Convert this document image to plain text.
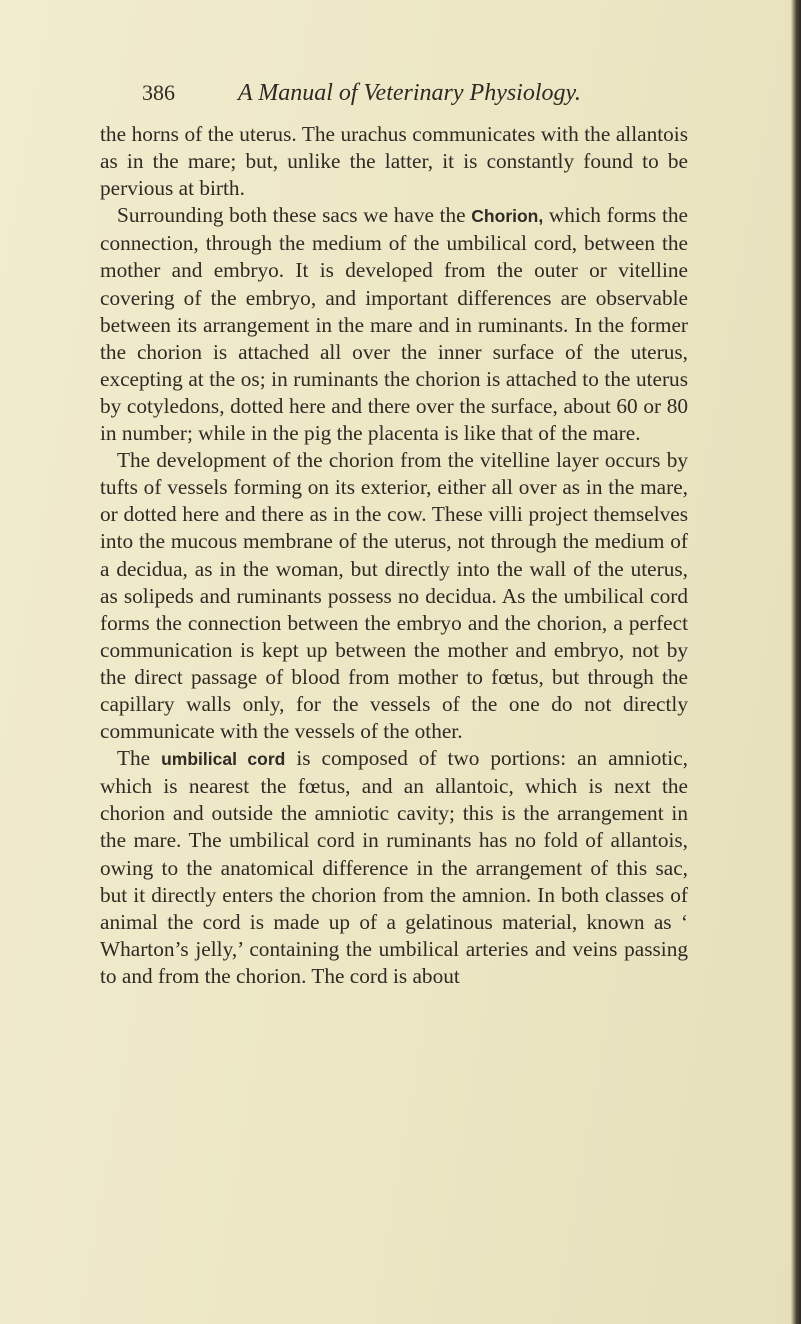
386	A Manual of Veterinary Physiology.

the horns of the uterus. The urachus communicates with the allantois as in the mare; but, unlike the latter, it is constantly found to be pervious at birth.

Surrounding both these sacs we have the Chorion, which forms the connection, through the medium of the umbilical cord, between the mother and embryo. It is developed from the outer or vitelline covering of the embryo, and important differences are observable between its arrangement in the mare and in ruminants. In the former the chorion is attached all over the inner surface of the uterus, excepting at the os; in ruminants the chorion is attached to the uterus by cotyledons, dotted here and there over the surface, about 60 or 80 in number; while in the pig the placenta is like that of the mare.

The development of the chorion from the vitelline layer occurs by tufts of vessels forming on its exterior, either all over as in the mare, or dotted here and there as in the cow. These villi project themselves into the mucous membrane of the uterus, not through the medium of a decidua, as in the woman, but directly into the wall of the uterus, as solipeds and ruminants possess no decidua. As the umbilical cord forms the connection between the embryo and the chorion, a perfect communication is kept up between the mother and embryo, not by the direct passage of blood from mother to fœtus, but through the capillary walls only, for the vessels of the one do not directly communicate with the vessels of the other.

The umbilical cord is composed of two portions: an amniotic, which is nearest the fœtus, and an allantoic, which is next the chorion and outside the amniotic cavity; this is the arrangement in the mare. The umbilical cord in ruminants has no fold of allantois, owing to the anatomical difference in the arrangement of this sac, but it directly enters the chorion from the amnion. In both classes of animal the cord is made up of a gelatinous material, known as ‘ Wharton’s jelly,’ containing the umbilical arteries and veins passing to and from the chorion. The cord is about
